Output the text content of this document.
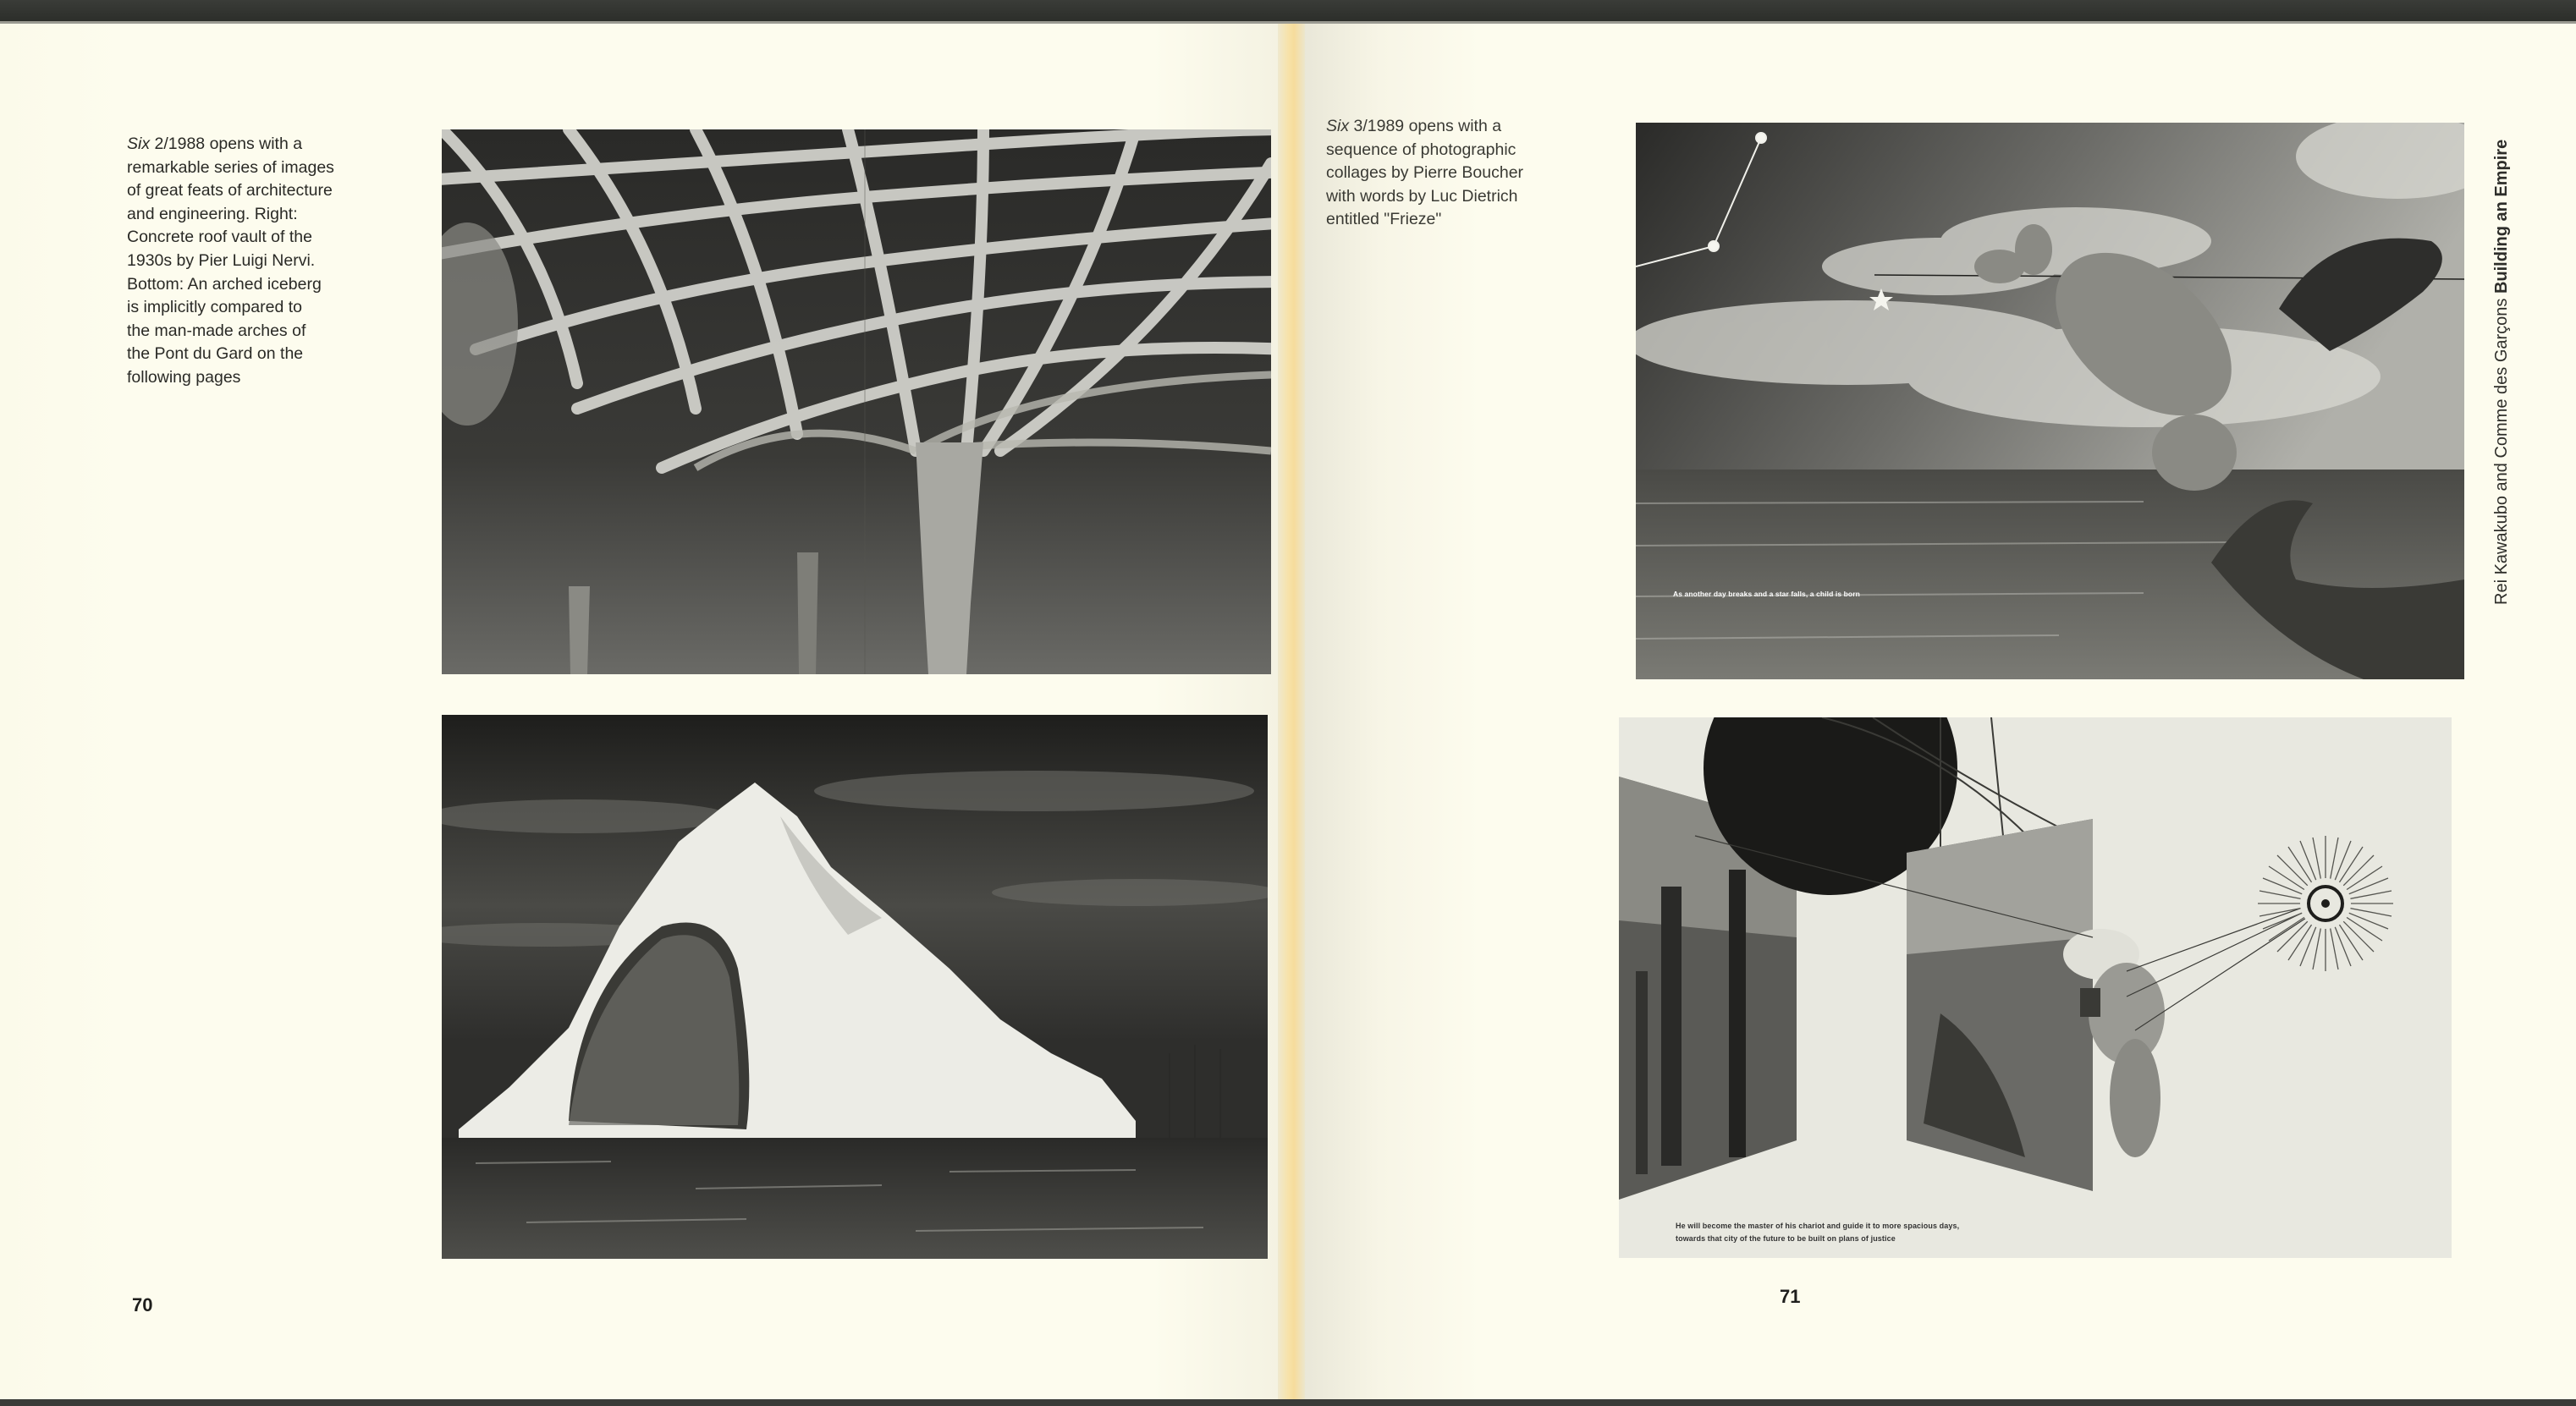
Six 2/1988 opens with a
remarkable series of images
of great feats of architecture
and engineering. Right:
Concrete roof vault of the
1930s by Pier Luigi Nervi.
Bottom: An arched iceberg
is implicitly compared to
the man-made arches of
the Pont du Gard on the
following pages
Six 3/1989 opens with a
sequence of photographic
collages by Pierre Boucher
with words by Luc Dietrich
entitled "Frieze"
As another day breaks and a star falls, a child is born
He will become the master of his chariot and guide it to more spacious days,
towards that city of the future to be built on plans of justice
70	71
Rei Kawakubo and Comme des Garçons Building an Empire
